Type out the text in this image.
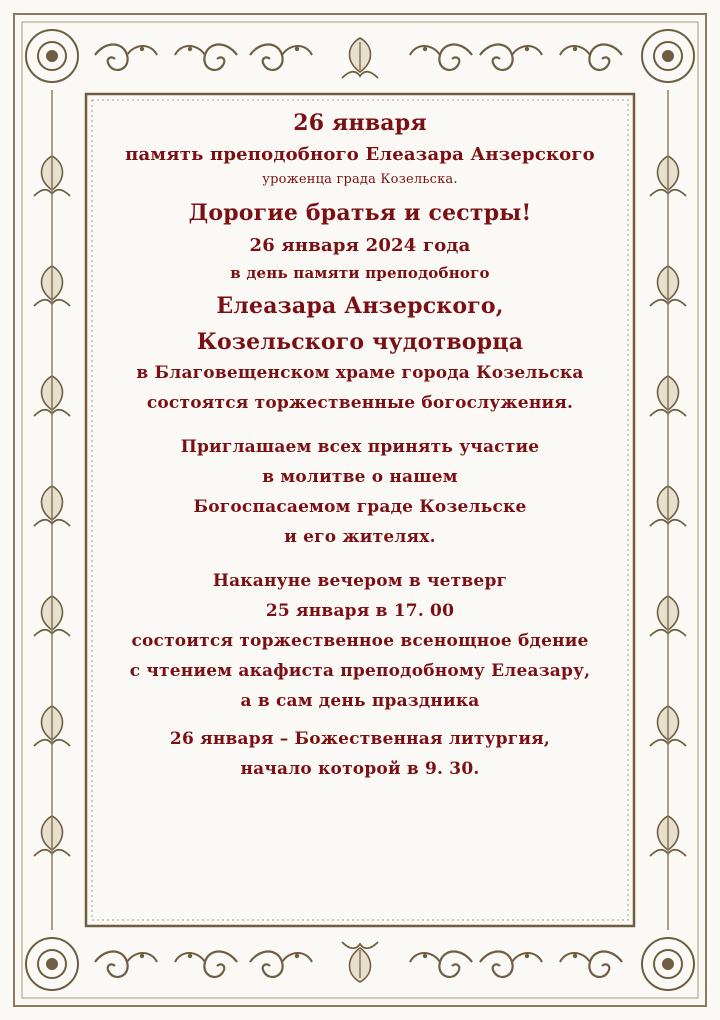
26 января
память преподобного Елеазара Анзерского
уроженца града Козельска.
Дорогие братья и сестры!
26 января 2024 года
в день памяти преподобного
Елеазара Анзерского,
Козельского чудотворца
в Благовещенском храме города Козельска
состоятся торжественные богослужения.
Приглашаем всех принять участие
в молитве о нашем
Богоспасаемом граде Козельске
и его жителях.
Накануне вечером в четверг
25 января в 17. 00
состоится торжественное всенощное бдение
с чтением акафиста преподобному Елеазару,
а в сам день праздника
26 января – Божественная литургия,
начало которой в 9. 30.
